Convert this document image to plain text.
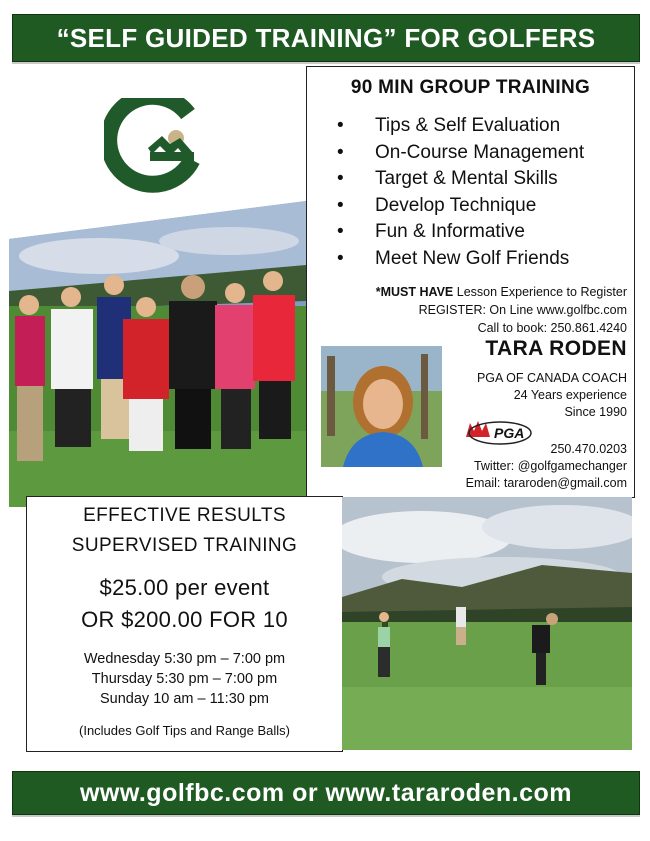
“SELF GUIDED TRAINING” FOR GOLFERS
90 MIN GROUP TRAINING
• Tips & Self Evaluation
• On-Course Management
• Target & Mental Skills
• Develop Technique
• Fun & Informative
• Meet New Golf Friends
*MUST HAVE Lesson Experience to Register
REGISTER: On Line www.golfbc.com
Call to book: 250.861.4240
TARA RODEN
PGA OF CANADA COACH
24 Years experience
Since 1990
PGA
250.470.0203
Twitter: @golfgamechanger
Email: tararoden@gmail.com
EFFECTIVE RESULTS
SUPERVISED TRAINING
$25.00 per event
OR $200.00 FOR 10
Wednesday 5:30 pm – 7:00 pm
Thursday 5:30 pm – 7:00 pm
Sunday 10 am – 11:30 pm
(Includes Golf Tips and Range Balls)
www.golfbc.com or www.tararoden.com
